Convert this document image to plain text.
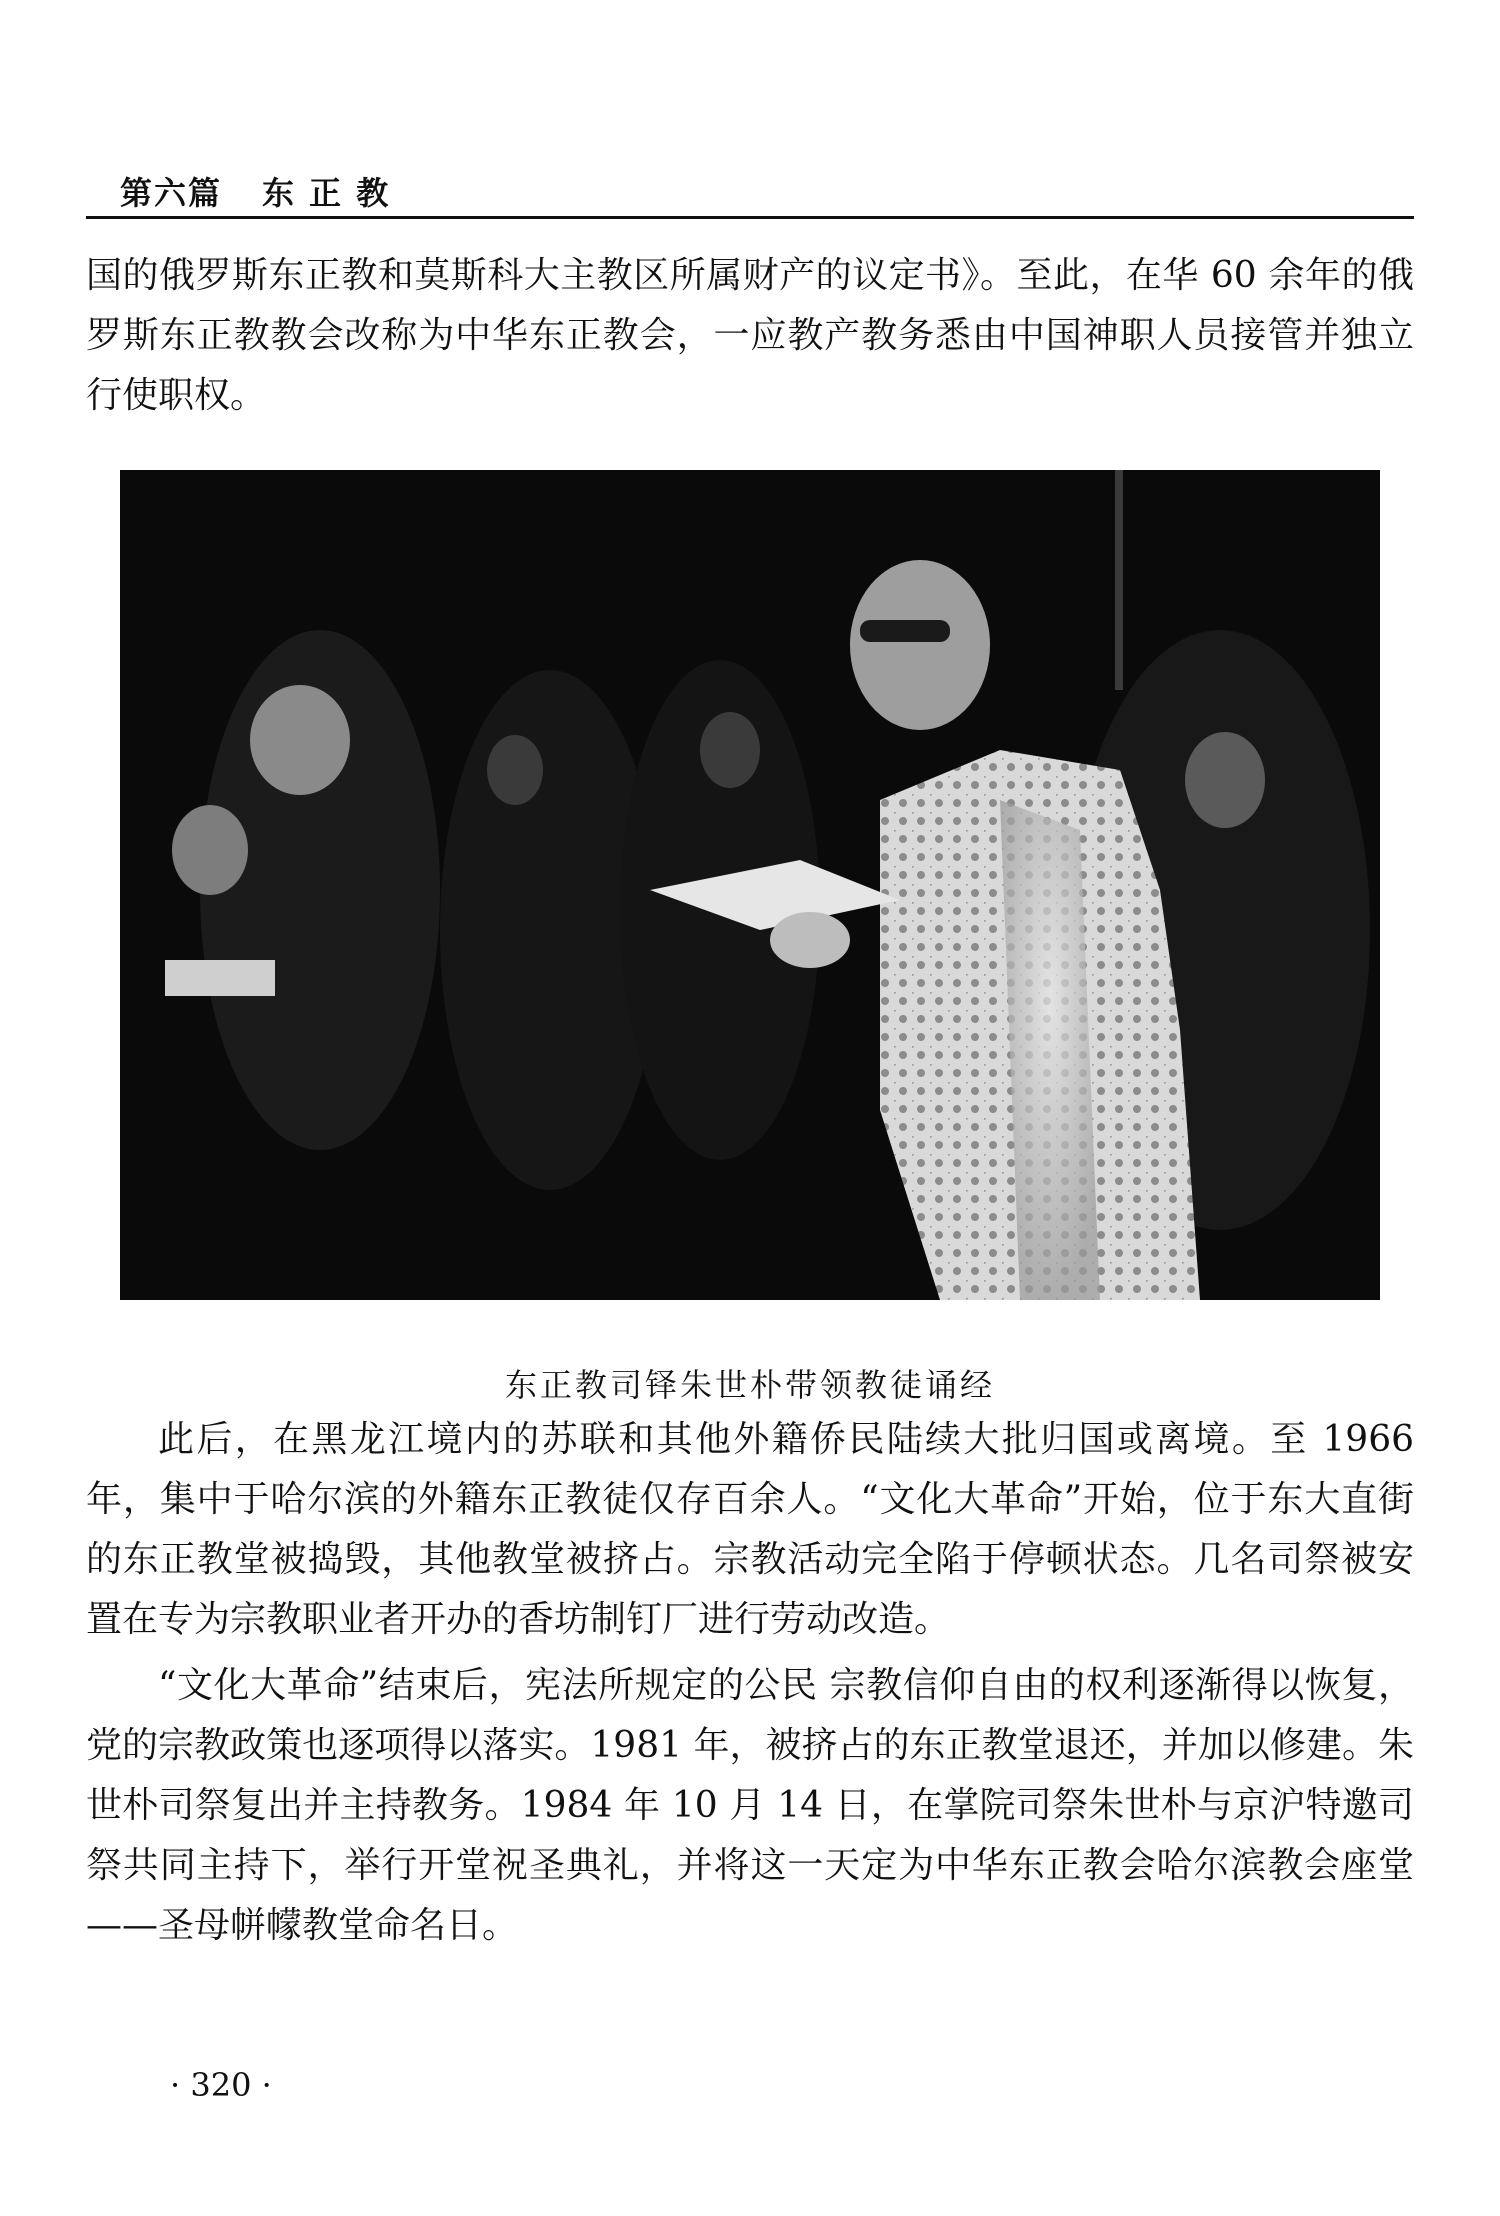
第六篇 东 正 教

国的俄罗斯东正教和莫斯科大主教区所属财产的议定书》。至此，在华 60 余年的俄罗斯东正教教会改称为中华东正教会，一应教产教务悉由中国神职人员接管并独立行使职权。

东正教司铎朱世朴带领教徒诵经

此后，在黑龙江境内的苏联和其他外籍侨民陆续大批归国或离境。至 1966 年，集中于哈尔滨的外籍东正教徒仅存百余人。“文化大革命”开始，位于东大直街的东正教堂被捣毁，其他教堂被挤占。宗教活动完全陷于停顿状态。几名司祭被安置在专为宗教职业者开办的香坊制钉厂进行劳动改造。

“文化大革命”结束后，宪法所规定的公民 宗教信仰自由的权利逐渐得以恢复，党的宗教政策也逐项得以落实。1981 年，被挤占的东正教堂退还，并加以修建。朱世朴司祭复出并主持教务。1984 年 10 月 14 日，在掌院司祭朱世朴与京沪特邀司祭共同主持下，举行开堂祝圣典礼，并将这一天定为中华东正教会哈尔滨教会座堂——圣母帡幪教堂命名日。

· 320 ·
